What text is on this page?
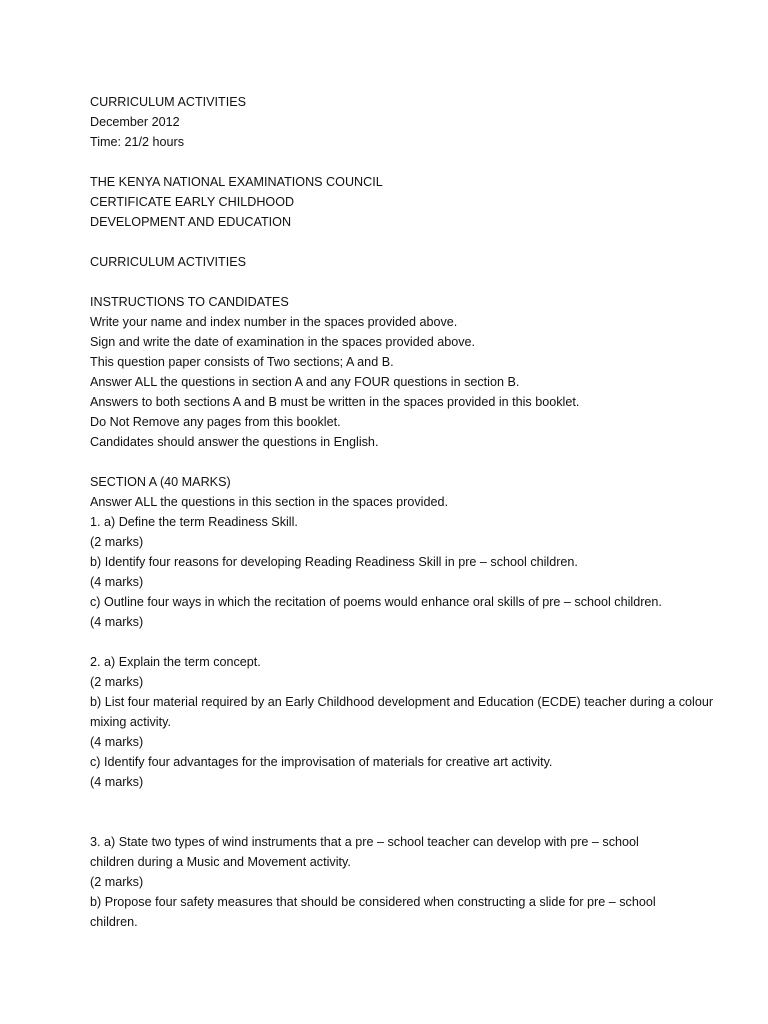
CURRICULUM ACTIVITIES
December 2012
Time: 21/2 hours
THE KENYA NATIONAL EXAMINATIONS COUNCIL
CERTIFICATE EARLY CHILDHOOD
DEVELOPMENT AND EDUCATION
CURRICULUM ACTIVITIES
INSTRUCTIONS TO CANDIDATES
Write your name and index number in the spaces provided above.
Sign and write the date of examination in the spaces provided above.
This question paper consists of Two sections; A and B.
Answer ALL the questions in section A and any FOUR questions in section B.
Answers to both sections A and B must be written in the spaces provided in this booklet.
Do Not Remove any pages from this booklet.
Candidates should answer the questions in English.
SECTION A (40 MARKS)
Answer ALL the questions in this section in the spaces provided.
1. a) Define the term Readiness Skill.
(2 marks)
b) Identify four reasons for developing Reading Readiness Skill in pre – school children.
(4 marks)
c) Outline four ways in which the recitation of poems would enhance oral skills of pre – school children.
(4 marks)
2. a) Explain the term concept.
(2 marks)
b) List four material required by an Early Childhood development and Education (ECDE) teacher during a colour mixing activity.
(4 marks)
c) Identify four advantages for the improvisation of materials for creative art activity.
(4 marks)
3. a) State two types of wind instruments that a pre – school teacher can develop with pre – school children during a Music and Movement activity.
(2 marks)
b) Propose four safety measures that should be considered when constructing a slide for pre – school children.
